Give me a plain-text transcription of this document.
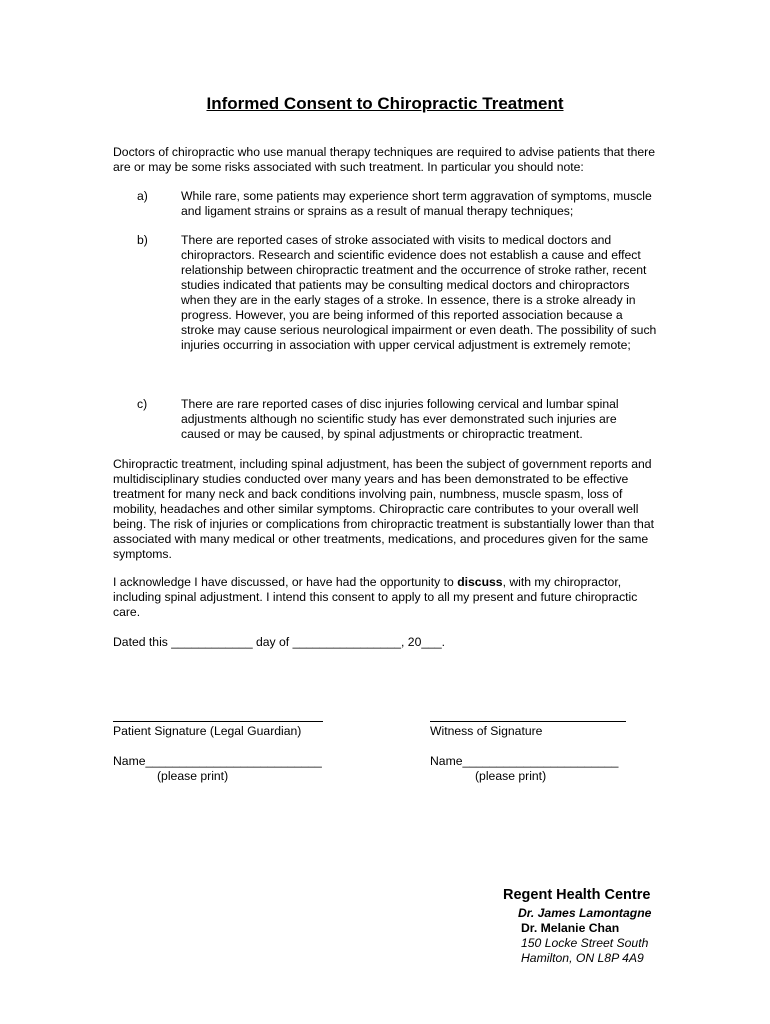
Informed Consent to Chiropractic Treatment

Doctors of chiropractic who use manual therapy techniques are required to advise patients that there are or may be some risks associated with such treatment. In particular you should note:

a)	While rare, some patients may experience short term aggravation of symptoms, muscle and ligament strains or sprains as a result of manual therapy techniques;
b)	There are reported cases of stroke associated with visits to medical doctors and chiropractors. Research and scientific evidence does not establish a cause and effect relationship between chiropractic treatment and the occurrence of stroke rather, recent studies indicated that patients may be consulting medical doctors and chiropractors when they are in the early stages of a stroke. In essence, there is a stroke already in progress. However, you are being informed of this reported association because a stroke may cause serious neurological impairment or even death. The possibility of such injuries occurring in association with upper cervical adjustment is extremely remote;
c)	There are rare reported cases of disc injuries following cervical and lumbar spinal adjustments although no scientific study has ever demonstrated such injuries are caused or may be caused, by spinal adjustments or chiropractic treatment.

Chiropractic treatment, including spinal adjustment, has been the subject of government reports and multidisciplinary studies conducted over many years and has been demonstrated to be effective treatment for many neck and back conditions involving pain, numbness, muscle spasm, loss of mobility, headaches and other similar symptoms. Chiropractic care contributes to your overall well being. The risk of injuries or complications from chiropractic treatment is substantially lower than that associated with many medical or other treatments, medications, and procedures given for the same symptoms.

I acknowledge I have discussed, or have had the opportunity to discuss, with my chiropractor, including spinal adjustment. I intend this consent to apply to all my present and future chiropractic care.

Dated this ____________ day of ________________, 20___.
Patient Signature (Legal Guardian)	Witness of Signature
Name__________________________
(please print)
Name_______________________
(please print)
Regent Health Centre
Dr. James Lamontagne
Dr. Melanie Chan
150 Locke Street South
Hamilton, ON L8P 4A9
